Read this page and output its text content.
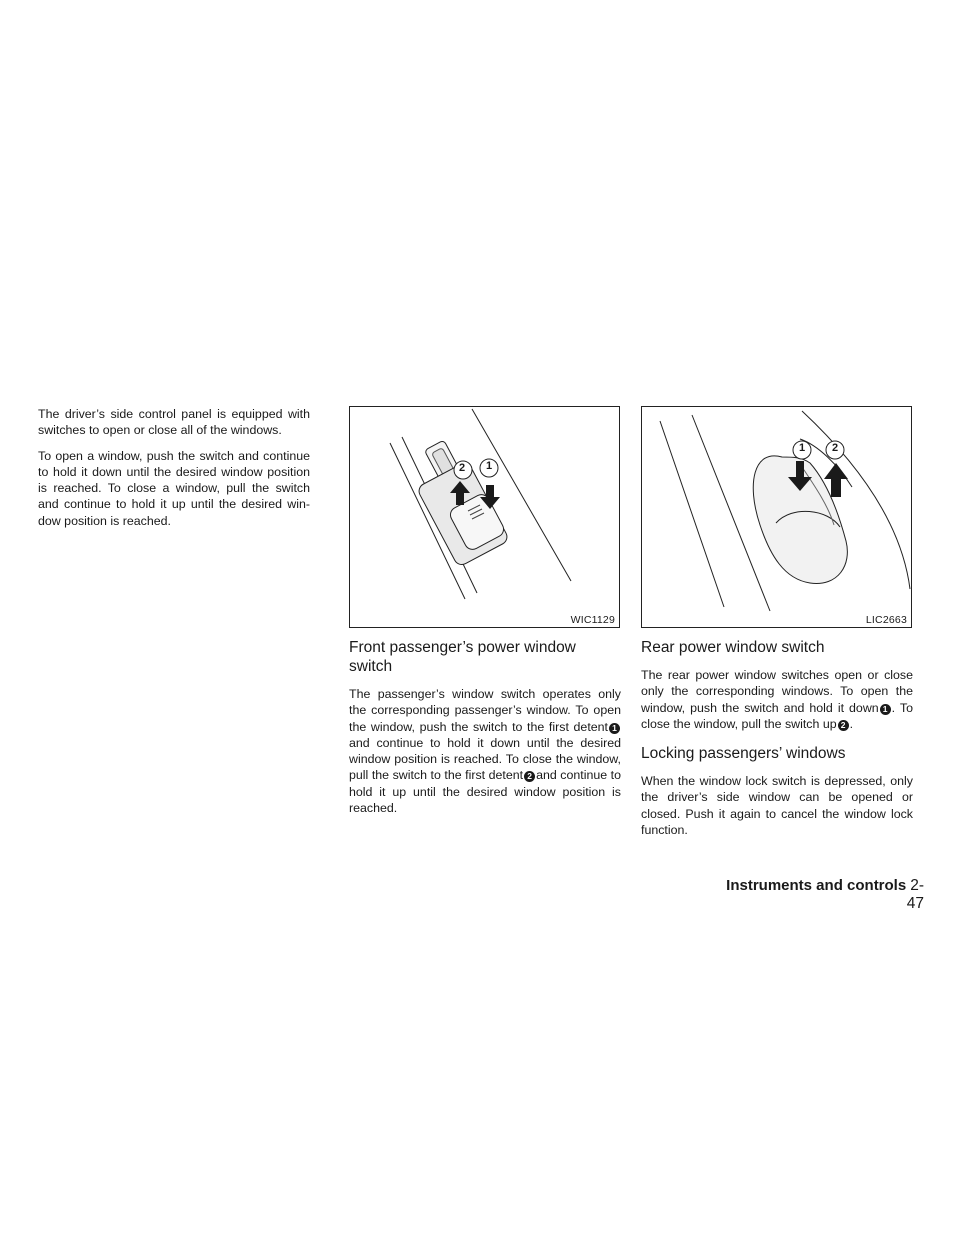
The driver’s side control panel is equipped with switches to open or close all of the windows.

To open a window, push the switch and continue to hold it down until the desired window position is reached. To close a window, pull the switch and continue to hold it up until the desired win- dow position is reached.

2 1
WIC1129
Front passenger’s power window switch

The passenger’s window switch operates only the corresponding passenger’s window. To open the window, push the switch to the first detent 1 and continue to hold it down until the desired window position is reached. To close the window, pull the switch to the first detent 2 and continue to hold it up until the desired window position is reached.

1 2
LIC2663
Rear power window switch

The rear power window switches open or close only the corresponding windows. To open the window, push the switch and hold it down 1 . To close the window, pull the switch up 2 .

Locking passengers’ windows

When the window lock switch is depressed, only the driver’s side window can be opened or closed. Push it again to cancel the window lock function.

Instruments and controls 2-47
